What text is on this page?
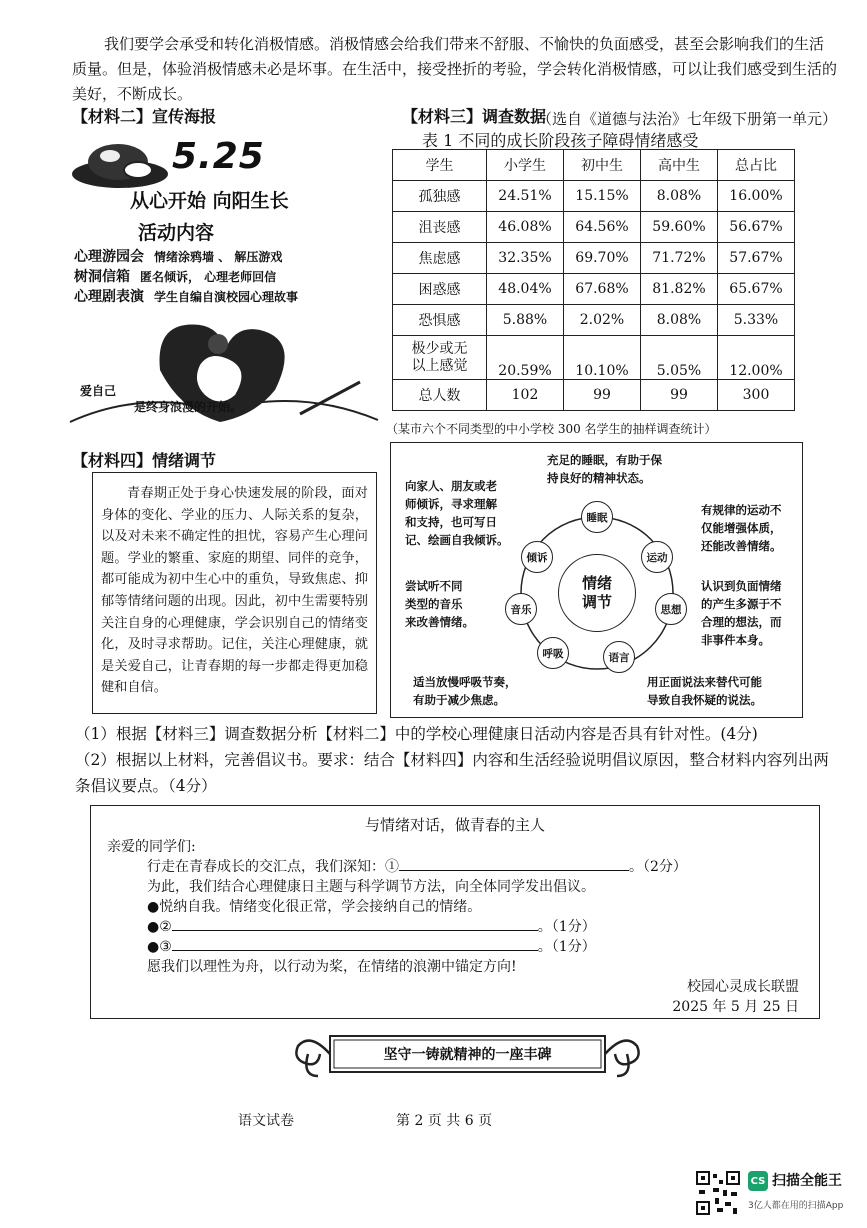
我们要学会承受和转化消极情感。消极情感会给我们带来不舒服、不愉快的负面感受，甚至会影响我们的生活质量。但是，体验消极情感未必是坏事。在生活中，接受挫折的考验，学会转化消极情感，可以让我们感受到生活的美好，不断成长。
（选自《道德与法治》七年级下册第一单元）
【材料二】宣传海报
5.25
从心开始 向阳生长
活动内容
心理游园会 情绪涂鸦墙 、 解压游戏
树洞信箱 匿名倾诉， 心理老师回信
心理剧表演 学生自编自演校园心理故事
爱自己
是终身浪漫的开始。
【材料三】调查数据
表 1 不同的成长阶段孩子障碍情绪感受
学生	小学生	初中生	高中生	总占比
孤独感	24.51%	15.15%	8.08%	16.00%
沮丧感	46.08%	64.56%	59.60%	56.67%
焦虑感	32.35%	69.70%	71.72%	57.67%
困惑感	48.04%	67.68%	81.82%	65.67%
恐惧感	5.88%	2.02%	8.08%	5.33%
极少或无
以上感觉	20.59%	10.10%	5.05%	12.00%
总人数	102	99	99	300
（某市六个不同类型的中小学校 300 名学生的抽样调查统计）
【材料四】情绪调节
青春期正处于身心快速发展的阶段，面对身体的变化、学业的压力、人际关系的复杂，以及对未来不确定性的担忧，容易产生心理问题。学业的繁重、家庭的期望、同伴的竞争，都可能成为初中生心中的重负，导致焦虑、抑郁等情绪问题的出现。因此，初中生需要特别关注自身的心理健康，学会识别自己的情绪变化，及时寻求帮助。记住，关注心理健康，就是关爱自己，让青春期的每一步都走得更加稳健和自信。
情绪
调节
睡眠
运动
思想
语言
呼吸
音乐
倾诉
充足的睡眠，有助于保
持良好的精神状态。
向家人、朋友或老
师倾诉，寻求理解
和支持，也可写日
记、绘画自我倾诉。
有规律的运动不
仅能增强体质，
还能改善情绪。
尝试听不同
类型的音乐
来改善情绪。
认识到负面情绪
的产生多源于不
合理的想法，而
非事件本身。
适当放慢呼吸节奏，
有助于减少焦虑。
用正面说法来替代可能
导致自我怀疑的说法。
（1）根据【材料三】调查数据分析【材料二】中的学校心理健康日活动内容是否具有针对性。(4分)
（2）根据以上材料，完善倡议书。要求：结合【材料四】内容和生活经验说明倡议原因，整合材料内容列出两条倡议要点。（4分）
与情绪对话，做青春的主人
亲爱的同学们:
行走在青春成长的交汇点，我们深知：①	。（2分）
为此，我们结合心理健康日主题与科学调节方法，向全体同学发出倡议。
●悦纳自我。情绪变化很正常，学会接纳自己的情绪。
●②	。（1分）
●③	。（1分）
愿我们以理性为舟，以行动为桨，在情绪的浪潮中锚定方向!
校园心灵成长联盟
2025 年 5 月 25 日
坚守一铸就精神的一座丰碑
语文试卷	第 2 页 共 6 页
CS 扫描全能王
3亿人都在用的扫描App
